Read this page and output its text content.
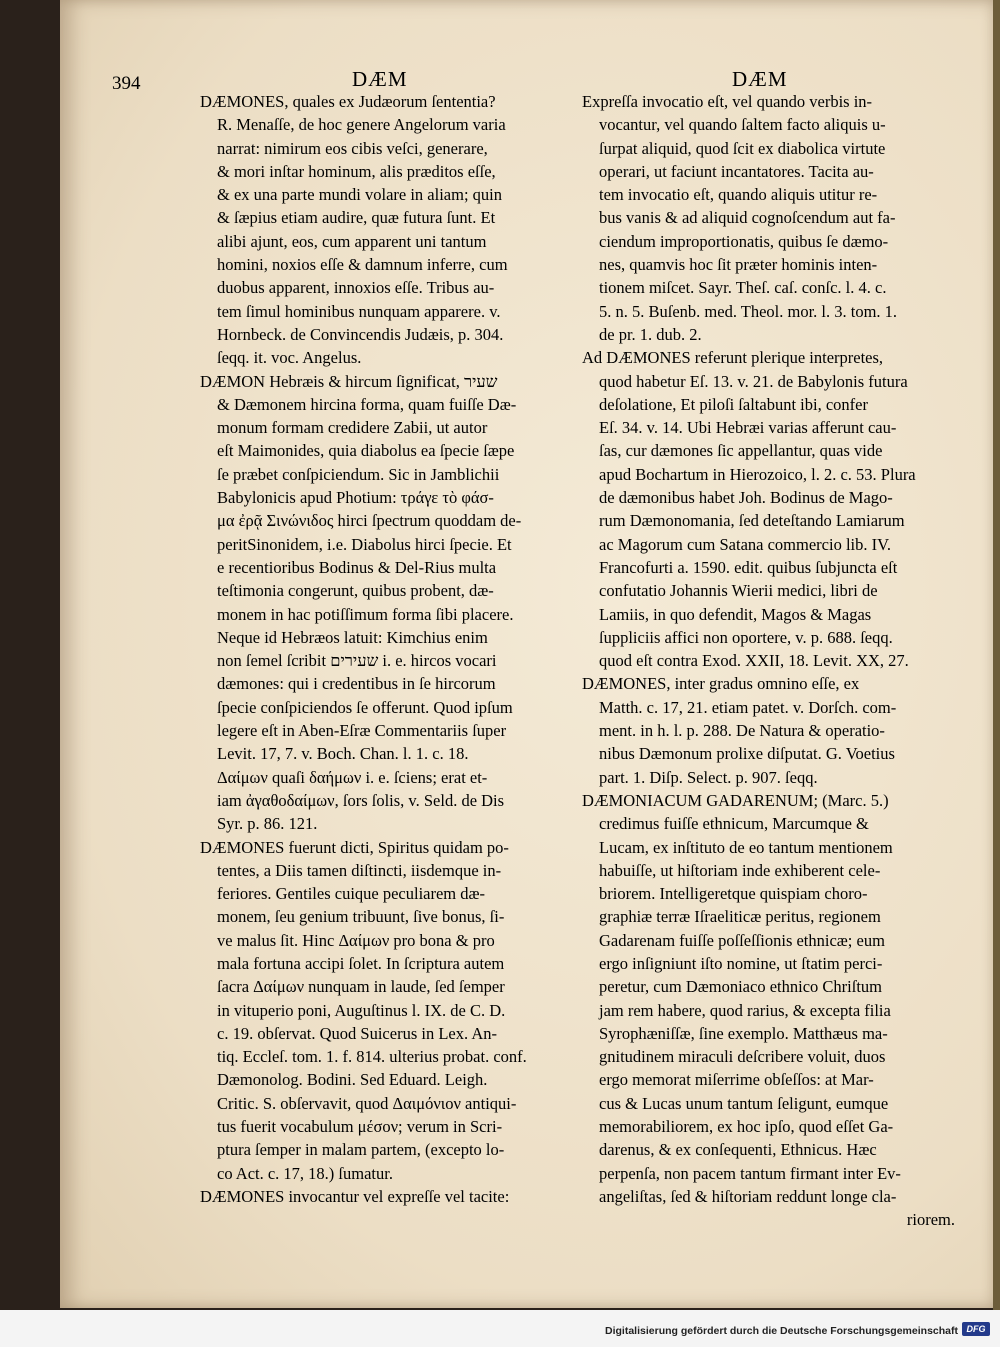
394	DÆM	DÆM
DÆMONES, quales ex Judæorum ſententia?
R. Menaſſe, de hoc genere Angelorum varia
narrat: nimirum eos cibis veſci, generare,
& mori inſtar hominum, alis præditos eſſe,
& ex una parte mundi volare in aliam; quin
& ſæpius etiam audire, quæ futura ſunt. Et
alibi ajunt, eos, cum apparent uni tantum
homini, noxios eſſe & damnum inferre, cum
duobus apparent, innoxios eſſe. Tribus au-
tem ſimul hominibus nunquam apparere. v.
Hornbeck. de Convincendis Judæis, p. 304.
ſeqq. it. voc. Angelus.
DÆMON Hebræis & hircum ſignificat, שעיר
& Dæmonem hircina forma, quam fuiſſe Dæ-
monum formam credidere Zabii, ut autor
eſt Maimonides, quia diabolus ea ſpecie ſæpe
ſe præbet conſpiciendum. Sic in Jamblichii
Babylonicis apud Photium: τράγε τὸ φάσ-
μα ἐρᾷ Σινώνιδος hirci ſpectrum quoddam de-
peritSinonidem, i.e. Diabolus hirci ſpecie. Et
e recentioribus Bodinus & Del-Rius multa
teſtimonia congerunt, quibus probent, dæ-
monem in hac potiſſimum forma ſibi placere.
Neque id Hebræos latuit: Kimchius enim
non ſemel ſcribit שעירים i. e. hircos vocari
dæmones: qui i credentibus in ſe hircorum
ſpecie conſpiciendos ſe offerunt. Quod ipſum
legere eſt in Aben-Eſræ Commentariis ſuper
Levit. 17, 7. v. Boch. Chan. l. 1. c. 18.
Δαίμων quaſi δαήμων i. e. ſciens; erat et-
iam ἀγαθοδαίμων, ſors ſolis, v. Seld. de Dis
Syr. p. 86. 121.
DÆMONES fuerunt dicti, Spiritus quidam po-
tentes, a Diis tamen diſtincti, iisdemque in-
feriores. Gentiles cuique peculiarem dæ-
monem, ſeu genium tribuunt, ſive bonus, ſi-
ve malus ſit. Hinc Δαίμων pro bona & pro
mala fortuna accipi ſolet. In ſcriptura autem
ſacra Δαίμων nunquam in laude, ſed ſemper
in vituperio poni, Auguſtinus l. IX. de C. D.
c. 19. obſervat. Quod Suicerus in Lex. An-
tiq. Eccleſ. tom. 1. f. 814. ulterius probat. conf.
Dæmonolog. Bodini. Sed Eduard. Leigh.
Critic. S. obſervavit, quod Δαιμόνιον antiqui-
tus fuerit vocabulum μέσον; verum in Scri-
ptura ſemper in malam partem, (excepto lo-
co Act. c. 17, 18.) ſumatur.
DÆMONES invocantur vel expreſſe vel tacite:
Expreſſa invocatio eſt, vel quando verbis in-
vocantur, vel quando ſaltem facto aliquis u-
ſurpat aliquid, quod ſcit ex diabolica virtute
operari, ut faciunt incantatores. Tacita au-
tem invocatio eſt, quando aliquis utitur re-
bus vanis & ad aliquid cognoſcendum aut fa-
ciendum improportionatis, quibus ſe dæmo-
nes, quamvis hoc ſit præter hominis inten-
tionem miſcet. Sayr. Theſ. caſ. conſc. l. 4. c.
5. n. 5. Buſenb. med. Theol. mor. l. 3. tom. 1.
de pr. 1. dub. 2.
Ad DÆMONES referunt plerique interpretes,
quod habetur Eſ. 13. v. 21. de Babylonis futura
deſolatione, Et piloſi ſaltabunt ibi, confer
Eſ. 34. v. 14. Ubi Hebræi varias afferunt cau-
ſas, cur dæmones ſic appellantur, quas vide
apud Bochartum in Hierozoico, l. 2. c. 53. Plura
de dæmonibus habet Joh. Bodinus de Mago-
rum Dæmonomania, ſed deteſtando Lamiarum
ac Magorum cum Satana commercio lib. IV.
Francofurti a. 1590. edit. quibus ſubjuncta eſt
confutatio Johannis Wierii medici, libri de
Lamiis, in quo defendit, Magos & Magas
ſuppliciis affici non oportere, v. p. 688. ſeqq.
quod eſt contra Exod. XXII, 18. Levit. XX, 27.
DÆMONES, inter gradus omnino eſſe, ex
Matth. c. 17, 21. etiam patet. v. Dorſch. com-
ment. in h. l. p. 288. De Natura & operatio-
nibus Dæmonum prolixe diſputat. G. Voetius
part. 1. Diſp. Select. p. 907. ſeqq.
DÆMONIACUM GADARENUM; (Marc. 5.)
credimus fuiſſe ethnicum, Marcumque &
Lucam, ex inſtituto de eo tantum mentionem
habuiſſe, ut hiſtoriam inde exhiberent cele-
briorem. Intelligeretque quispiam choro-
graphiæ terræ Iſraeliticæ peritus, regionem
Gadarenam fuiſſe poſſeſſionis ethnicæ; eum
ergo inſigniunt iſto nomine, ut ſtatim perci-
peretur, cum Dæmoniaco ethnico Chriſtum
jam rem habere, quod rarius, & excepta filia
Syrophæniſſæ, ſine exemplo. Matthæus ma-
gnitudinem miraculi deſcribere voluit, duos
ergo memorat miſerrime obſeſſos: at Mar-
cus & Lucas unum tantum ſeligunt, eumque
memorabiliorem, ex hoc ipſo, quod eſſet Ga-
darenus, & ex conſequenti, Ethnicus. Hæc
perpenſa, non pacem tantum firmant inter Ev-
angeliſtas, ſed & hiſtoriam reddunt longe cla-
riorem.
Digitalisierung gefördert durch die Deutsche Forschungsgemeinschaft DFG
